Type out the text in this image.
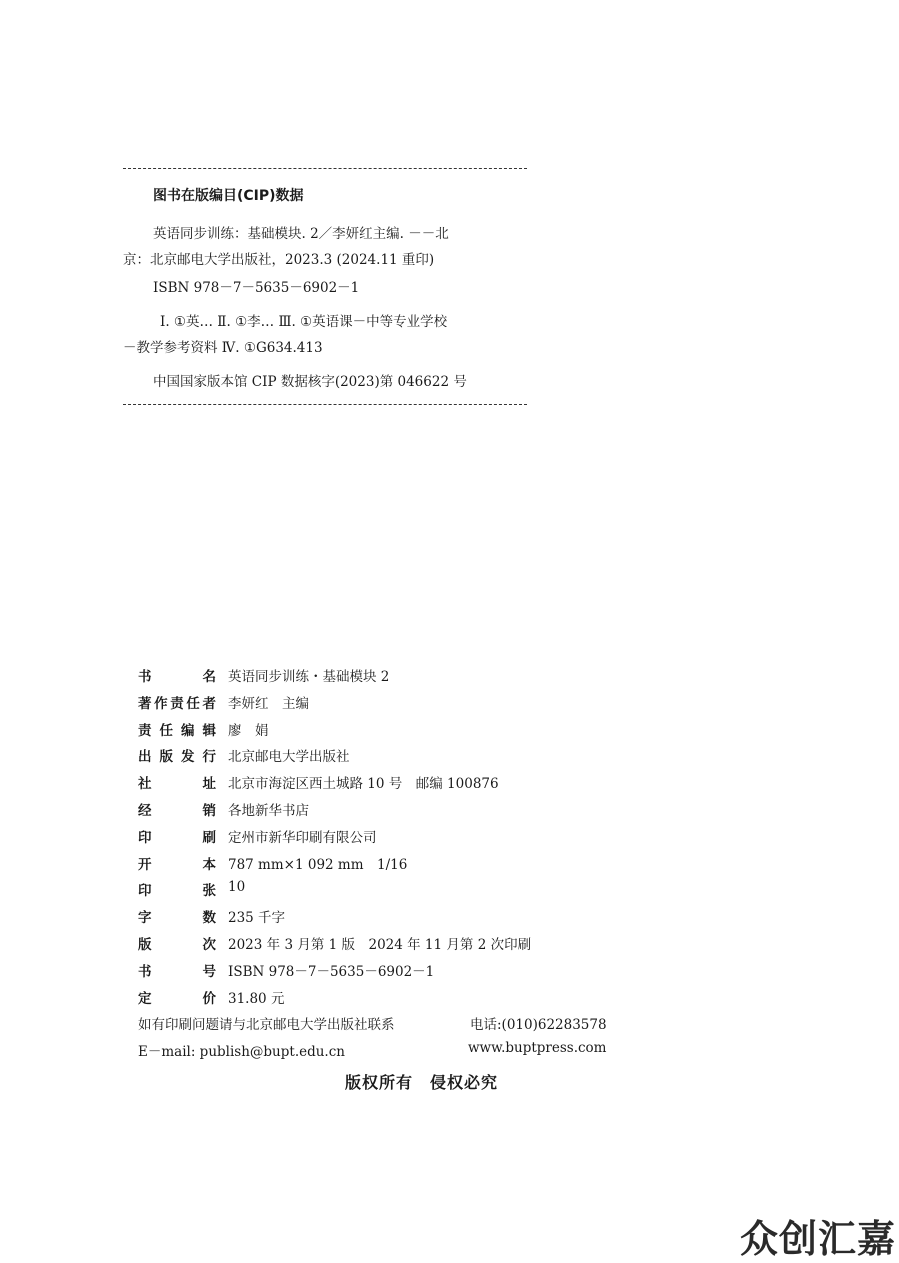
图书在版编目(CIP)数据
英语同步训练：基础模块. 2／李妍红主编. －－北
京：北京邮电大学出版社，2023.3 (2024.11 重印)
ISBN 978－7－5635－6902－1
Ⅰ. ①英… Ⅱ. ①李… Ⅲ. ①英语课－中等专业学校
－教学参考资料 Ⅳ. ①G634.413
中国国家版本馆 CIP 数据核字(2023)第 046622 号
书	名 英语同步训练・基础模块 2
著 作 责 任 者 李妍红　主编
责 任 编 辑 廖　娟
出 版 发 行 北京邮电大学出版社
社	址 北京市海淀区西土城路 10 号　邮编 100876
经	销 各地新华书店
印	刷 定州市新华印刷有限公司
开	本 787 mm×1 092 mm　1/16
印	张 10
字	数 235 千字
版	次 2023 年 3 月第 1 版　2024 年 11 月第 2 次印刷
书	号 ISBN 978－7－5635－6902－1
定	价 31.80 元
如有印刷问题请与北京邮电大学出版社联系	电话:(010)62283578
E－mail: publish@bupt.edu.cn	www.buptpress.com
版权所有　侵权必究
众创汇嘉
